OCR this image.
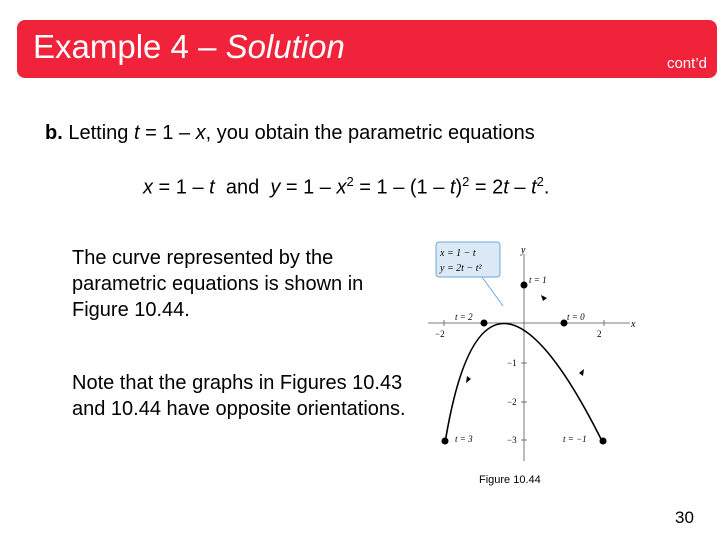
Example 4 – Solution	cont’d
b. Letting t = 1 – x, you obtain the parametric equations
x = 1 – t  and  $y = 1 - x^2 = 1 - (1 - t)^2 = 2t - t^2$.
The curve represented by the parametric equations is shown in Figure 10.44.
Note that the graphs in Figures 10.43 and 10.44 have opposite orientations.
x
y
−2	2
−1
−2
−3
t = 1
t = 2	t = 0
t = 3	t = −1
x = 1 − t
y = 2t − t²
Figure 10.44
30
